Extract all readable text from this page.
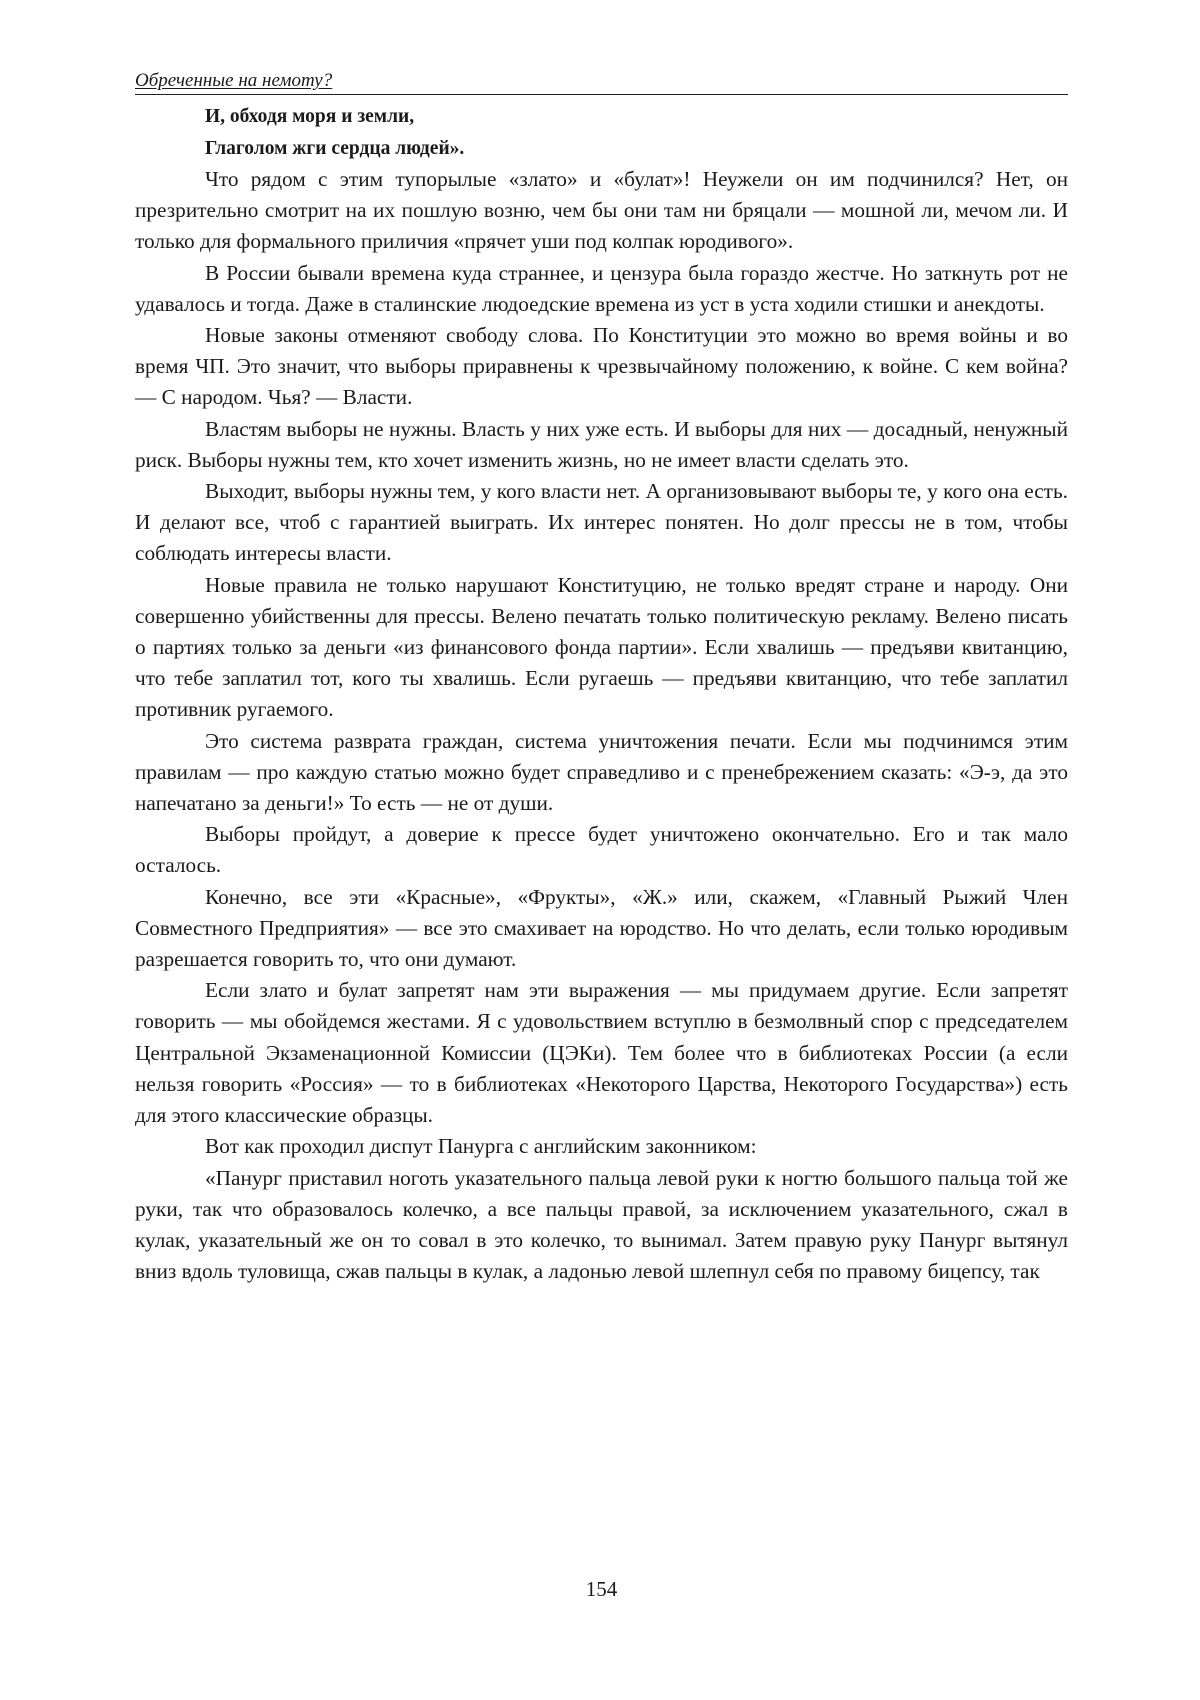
Обреченные на немоту?
И, обходя моря и земли,
Глаголом жги сердца людей».

Что рядом с этим тупорылые «злато» и «булат»! Неужели он им подчинил­ся? Нет, он презрительно смотрит на их пошлую возню, чем бы они там ни бря­цали — мошной ли, мечом ли. И только для формального приличия «прячет уши под колпак юродивого».

В России бывали времена куда страннее, и цензура была гораздо жестче. Но заткнуть рот не удавалось и тогда. Даже в сталинские людоедские времена из уст в уста ходили стишки и анекдоты.

Новые законы отменяют свободу слова. По Конституции это можно во время войны и во время ЧП. Это значит, что выборы приравнены к чрезвычай­ному положению, к войне. С кем война? — С народом. Чья? — Власти.

Властям выборы не нужны. Власть у них уже есть. И выборы для них — до­садный, ненужный риск. Выборы нужны тем, кто хочет изменить жизнь, но не имеет власти сделать это.

Выходит, выборы нужны тем, у кого власти нет. А организовывают выбо­ры те, у кого она есть. И делают все, чтоб с гарантией выиграть. Их интерес по­нятен. Но долг прессы не в том, чтобы соблюдать интересы власти.

Новые правила не только нарушают Конституцию, не только вредят стра­не и народу. Они совершенно убийственны для прессы. Велено печатать только политическую рекламу. Велено писать о партиях только за деньги «из финансо­вого фонда партии». Если хвалишь — предъяви квитанцию, что тебе заплатил тот, кого ты хвалишь. Если ругаешь — предъяви квитанцию, что тебе заплатил противник ругаемого.

Это система разврата граждан, система уничтожения печати. Если мы подчинимся этим правилам — про каждую статью можно будет справедливо и с пренебрежением сказать: «Э-э, да это напечатано за деньги!» То есть — не от ду­ши.

Выборы пройдут, а доверие к прессе будет уничтожено окончательно. Его и так мало осталось.

Конечно, все эти «Красные», «Фрукты», «Ж.» или, скажем, «Главный Ры­жий Член Совместного Предприятия» — все это смахивает на юродство. Но что делать, если только юродивым разрешается говорить то, что они думают.

Если злато и булат запретят нам эти выражения — мы придумаем другие. Если запретят говорить — мы обойдемся жестами. Я с удовольствием вступлю в безмолвный спор с председателем Центральной Экзаменационной Комиссии (ЦЭКи). Тем более что в библиотеках России (а если нельзя говорить «Россия» — то в библиотеках «Некоторого Царства, Некоторого Государства») есть для этого классические образцы.

Вот как проходил диспут Панурга с английским законником:

«Панург приставил ноготь указательного пальца левой руки к ногтю боль­шого пальца той же руки, так что образовалось колечко, а все пальцы правой, за исключением указательного, сжал в кулак, указательный же он то совал в это колечко, то вынимал. Затем правую руку Панург вытянул вниз вдоль туловища, сжав пальцы в кулак, а ладонью левой шлепнул себя по правому бицепсу, так

154
